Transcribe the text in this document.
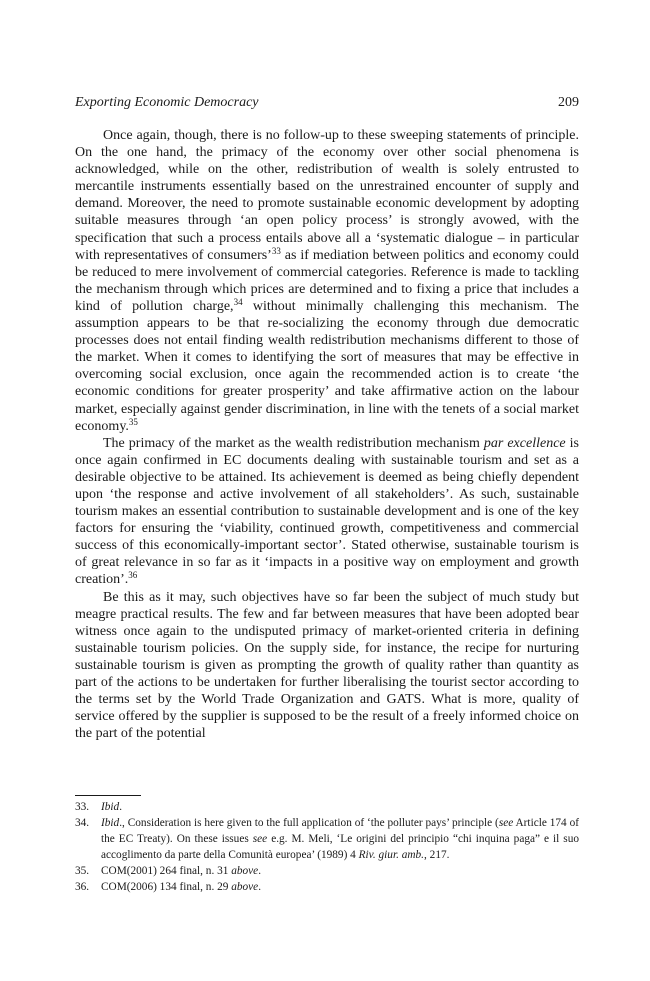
Exporting Economic Democracy	209

Once again, though, there is no follow-up to these sweeping statements of principle. On the one hand, the primacy of the economy over other social phenomena is acknowledged, while on the other, redistribution of wealth is solely entrusted to mercantile instruments essentially based on the unrestrained encounter of supply and demand. Moreover, the need to promote sustainable economic development by adopting suitable measures through ‘an open policy process’ is strongly avowed, with the specification that such a process entails above all a ‘systematic dialogue – in particular with representatives of consumers’$^{33}$ as if mediation between politics and economy could be reduced to mere involvement of commercial categories. Reference is made to tackling the mechanism through which prices are determined and to fixing a price that includes a kind of pollution charge,$^{34}$ without minimally challenging this mechanism. The assumption appears to be that re-socializing the economy through due democratic processes does not entail finding wealth redistribution mechanisms different to those of the market. When it comes to identifying the sort of measures that may be effective in overcoming social exclusion, once again the recommended action is to create ‘the economic conditions for greater prosperity’ and take affirmative action on the labour market, especially against gender discrimination, in line with the tenets of a social market economy.$^{35}$

The primacy of the market as the wealth redistribution mechanism par excellence is once again confirmed in EC documents dealing with sustainable tourism and set as a desirable objective to be attained. Its achievement is deemed as being chiefly dependent upon ‘the response and active involvement of all stakeholders’. As such, sustainable tourism makes an essential contribution to sustainable development and is one of the key factors for ensuring the ‘viability, continued growth, competitiveness and commercial success of this economically-important sector’. Stated otherwise, sustainable tourism is of great relevance in so far as it ‘impacts in a positive way on employment and growth creation’.$^{36}$

Be this as it may, such objectives have so far been the subject of much study but meagre practical results. The few and far between measures that have been adopted bear witness once again to the undisputed primacy of market-oriented criteria in defining sustainable tourism policies. On the supply side, for instance, the recipe for nurturing sustainable tourism is given as prompting the growth of quality rather than quantity as part of the actions to be undertaken for further liberalising the tourist sector according to the terms set by the World Trade Organization and GATS. What is more, quality of service offered by the supplier is supposed to be the result of a freely informed choice on the part of the potential

33. Ibid.
34. Ibid., Consideration is here given to the full application of ‘the polluter pays’ principle (see Article 174 of the EC Treaty). On these issues see e.g. M. Meli, ‘Le origini del principio “chi inquina paga” e il suo accoglimento da parte della Comunità europea’ (1989) 4 Riv. giur. amb., 217.
35. COM(2001) 264 final, n. 31 above.
36. COM(2006) 134 final, n. 29 above.
